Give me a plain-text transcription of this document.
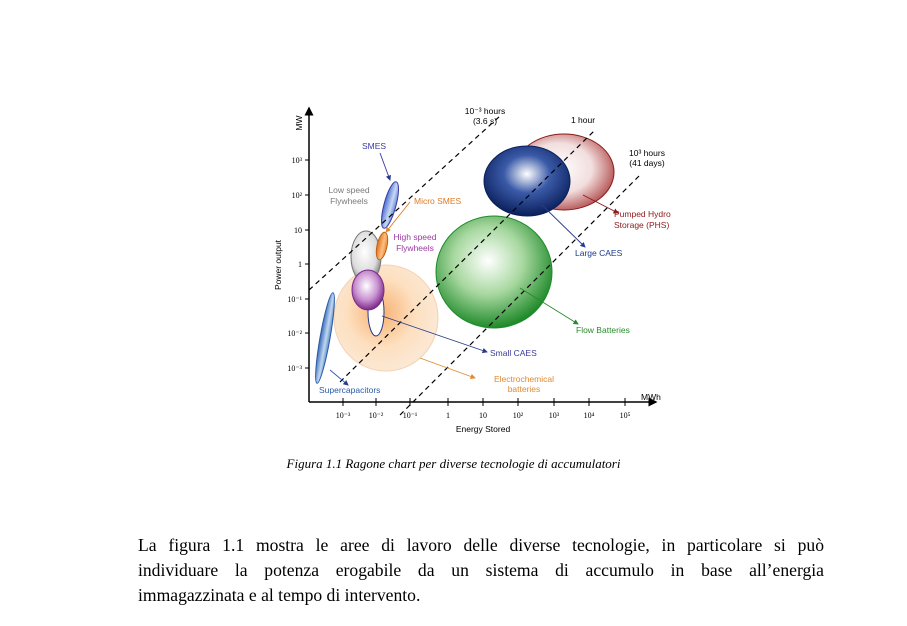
10³
10²
10
1
10⁻¹
10⁻²
10⁻³
10⁻³ 10⁻² 10⁻¹	1	10	10²	10³	10⁴	10⁵
Energy Stored
MWh
MW
Power output
10⁻³ hours
(3.6 s)	1 hour
10³ hours
(41 days)
SMES
Low speed
Flywheels	Micro SMES
High speed
Flywheels
Pumped Hydro
Storage (PHS)
Large CAES
Flow Batteries
Small CAES
Electrochemical
batteries
Supercapacitors
Figura 1.1 Ragone chart per diverse tecnologie di accumulatori

La figura 1.1 mostra le aree di lavoro delle diverse tecnologie, in particolare si può

individuare la potenza erogabile da un sistema di accumulo in base all’energia

immagazzinata e al tempo di intervento.
